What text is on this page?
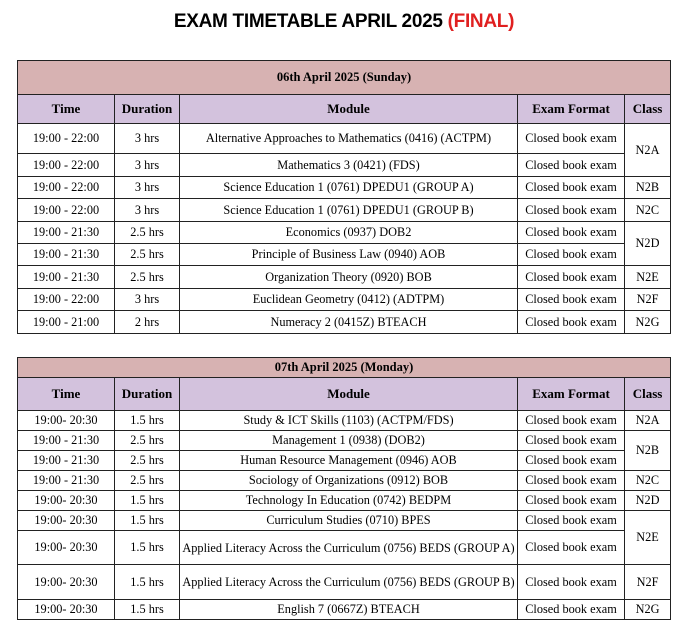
EXAM TIMETABLE APRIL 2025 (FINAL)
06th April 2025 (Sunday)				
Time	Duration	Module	Exam Format	Class
19:00 - 22:00	3 hrs	Alternative Approaches to Mathematics (0416) (ACTPM)	Closed book exam	N2A
19:00 - 22:00	3 hrs	Mathematics 3 (0421) (FDS)	Closed book exam	
19:00 - 22:00	3 hrs	Science Education 1 (0761) DPEDU1 (GROUP A)	Closed book exam	N2B
19:00 - 22:00	3 hrs	Science Education 1 (0761) DPEDU1 (GROUP B)	Closed book exam	N2C
19:00 - 21:30	2.5 hrs	Economics (0937) DOB2	Closed book exam	N2D
19:00 - 21:30	2.5 hrs	Principle of Business Law (0940) AOB	Closed book exam	
19:00 - 21:30	2.5 hrs	Organization Theory (0920) BOB	Closed book exam	N2E
19:00 - 22:00	3 hrs	Euclidean Geometry (0412) (ADTPM)	Closed book exam	N2F
19:00 - 21:00	2 hrs	Numeracy 2 (0415Z) BTEACH	Closed book exam	N2G
07th April 2025 (Monday)				
Time	Duration	Module	Exam Format	Class
19:00- 20:30	1.5 hrs	Study & ICT Skills (1103) (ACTPM/FDS)	Closed book exam	N2A
19:00 - 21:30	2.5 hrs	Management 1 (0938) (DOB2)	Closed book exam	N2B
19:00 - 21:30	2.5 hrs	Human Resource Management (0946) AOB	Closed book exam	
19:00 - 21:30	2.5 hrs	Sociology of Organizations (0912) BOB	Closed book exam	N2C
19:00- 20:30	1.5 hrs	Technology In Education (0742) BEDPM	Closed book exam	N2D
19:00- 20:30	1.5 hrs	Curriculum Studies (0710) BPES	Closed book exam	N2E
19:00- 20:30	1.5 hrs	Applied Literacy Across the Curriculum (0756) BEDS (GROUP A)	Closed book exam	
19:00- 20:30	1.5 hrs	Applied Literacy Across the Curriculum (0756) BEDS (GROUP B)	Closed book exam	N2F
19:00- 20:30	1.5 hrs	English 7 (0667Z) BTEACH	Closed book exam	N2G
